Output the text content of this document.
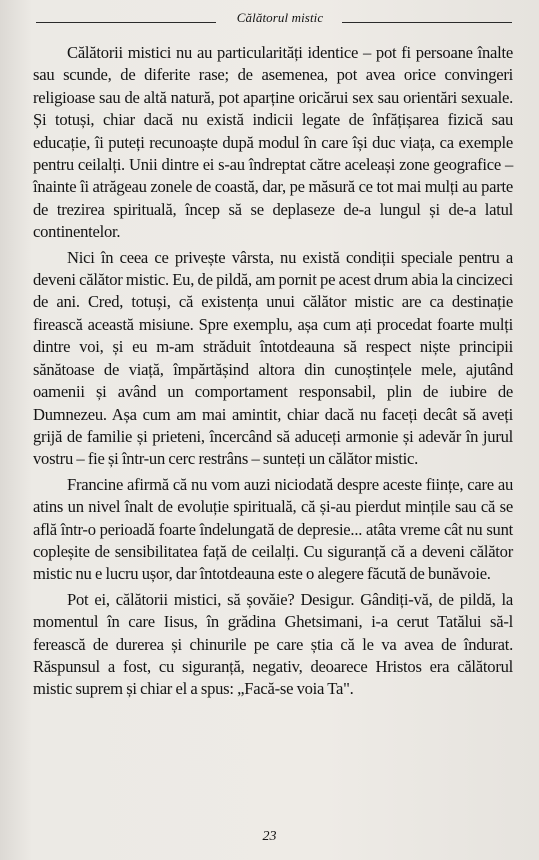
Călătorul mistic

Călătorii mistici nu au particularități identice – pot fi persoane înalte sau scunde, de diferite rase; de asemenea, pot avea orice convingeri religioase sau de altă natură, pot aparține oricărui sex sau orientări sexuale. Și totuși, chiar dacă nu există indicii legate de înfățișarea fizică sau educație, îi puteți recunoaște după modul în care își duc viața, ca exemple pentru ceilalți. Unii dintre ei s-au îndreptat către aceleași zone geografice – înainte îi atrăgeau zonele de coastă, dar, pe măsură ce tot mai mulți au parte de trezirea spirituală, încep să se deplaseze de-a lungul și de-a latul continentelor.

Nici în ceea ce privește vârsta, nu există condiții speciale pentru a deveni călător mistic. Eu, de pildă, am pornit pe acest drum abia la cincizeci de ani. Cred, totuși, că existența unui călător mistic are ca destinație firească această misiune. Spre exemplu, așa cum ați procedat foarte mulți dintre voi, și eu m-am străduit întotdeauna să respect niște principii sănătoase de viață, împărtășind altora din cunoștințele mele, ajutând oamenii și având un comportament responsabil, plin de iubire de Dumnezeu. Așa cum am mai amintit, chiar dacă nu faceți decât să aveți grijă de familie și prieteni, încercând să aduceți armonie și adevăr în jurul vostru – fie și într-un cerc restrâns – sunteți un călător mistic.

Francine afirmă că nu vom auzi niciodată despre aceste ființe, care au atins un nivel înalt de evoluție spirituală, că și-au pierdut mințile sau că se află într-o perioadă foarte îndelungată de depresie... atâta vreme cât nu sunt copleșite de sensibilitatea față de ceilalți. Cu siguranță că a deveni călător mistic nu e lucru ușor, dar întotdeauna este o alegere făcută de bunăvoie.

Pot ei, călătorii mistici, să șovăie? Desigur. Gândiți-vă, de pildă, la momentul în care Iisus, în grădina Ghetsimani, i-a cerut Tatălui să-l ferească de durerea și chinurile pe care știa că le va avea de îndurat. Răspunsul a fost, cu siguranță, negativ, deoarece Hristos era călătorul mistic suprem și chiar el a spus: „Facă-se voia Ta".

23
